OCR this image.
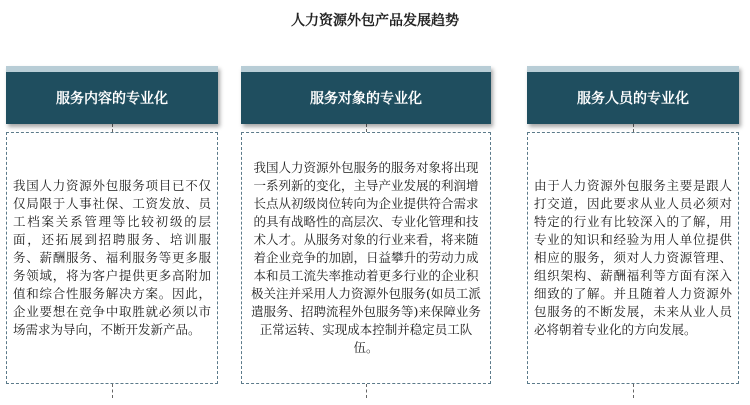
人力资源外包产品发展趋势
服务内容的专业化
我国人力资源外包服务项目已不仅仅局限于人事社保、工资发放、员工档案关系管理等比较初级的层面，还拓展到招聘服务、培训服务、薪酬服务、福利服务等更多服务领域，将为客户提供更多高附加值和综合性服务解决方案。因此，企业要想在竞争中取胜就必须以市场需求为导向，不断开发新产品。
服务对象的专业化
我国人力资源外包服务的服务对象将出现一系列新的变化，主导产业发展的利润增长点从初级岗位转向为企业提供符合需求的具有战略性的高层次、专业化管理和技术人才。从服务对象的行业来看，将来随着企业竞争的加剧，日益攀升的劳动力成本和员工流失率推动着更多行业的企业积极关注并采用人力资源外包服务(如员工派遣服务、招聘流程外包服务等)来保障业务正常运转、实现成本控制并稳定员工队伍。
服务人员的专业化
由于人力资源外包服务主要是跟人打交道，因此要求从业人员必须对特定的行业有比较深入的了解，用专业的知识和经验为用人单位提供相应的服务，须对人力资源管理、组织架构、薪酬福利等方面有深入细致的了解。并且随着人力资源外包服务的不断发展，未来从业人员必将朝着专业化的方向发展。
